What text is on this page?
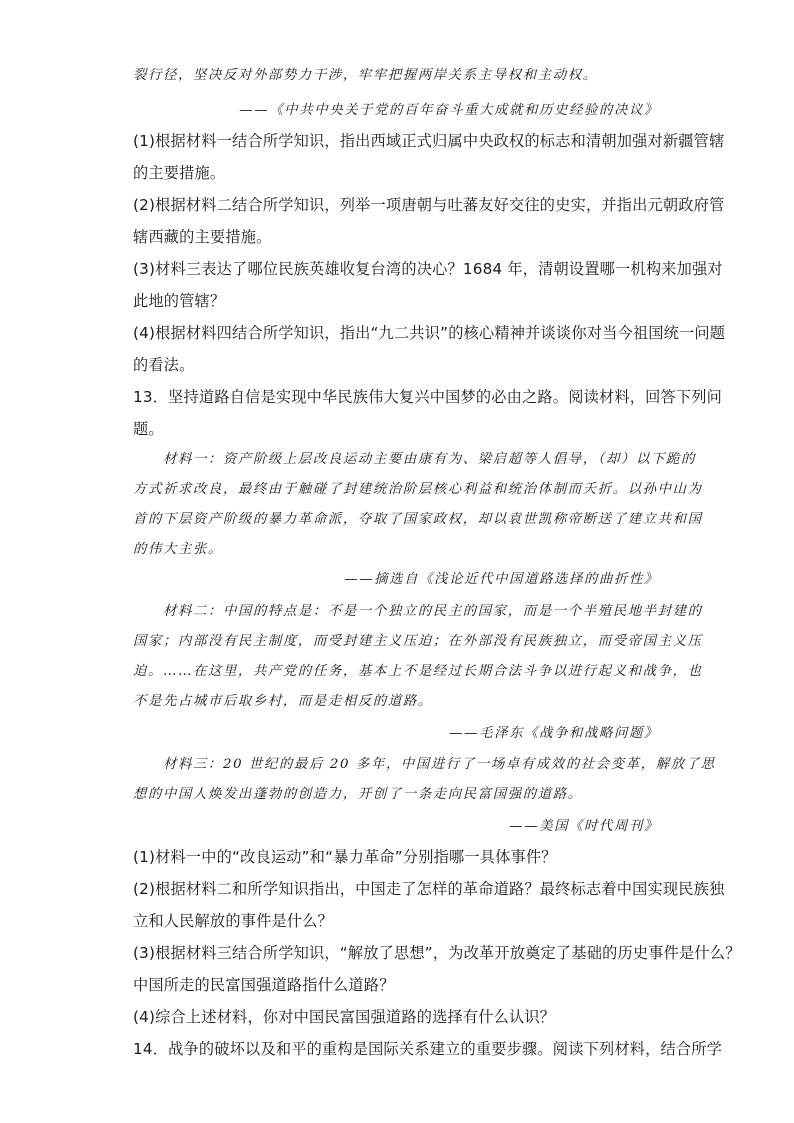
裂行径，坚决反对外部势力干涉，牢牢把握两岸关系主导权和主动权。
——《中共中央关于党的百年奋斗重大成就和历史经验的决议》
(1)根据材料一结合所学知识，指出西域正式归属中央政权的标志和清朝加强对新疆管辖
的主要措施。
(2)根据材料二结合所学知识，列举一项唐朝与吐蕃友好交往的史实，并指出元朝政府管
辖西藏的主要措施。
(3)材料三表达了哪位民族英雄收复台湾的决心？1684 年，清朝设置哪一机构来加强对
此地的管辖？
(4)根据材料四结合所学知识，指出“九二共识”的核心精神并谈谈你对当今祖国统一问题
的看法。
13．坚持道路自信是实现中华民族伟大复兴中国梦的必由之路。阅读材料，回答下列问
题。
材料一：资产阶级上层改良运动主要由康有为、梁启超等人倡导，（却）以下跪的
方式祈求改良，最终由于触碰了封建统治阶层核心利益和统治体制而夭折。以孙中山为
首的下层资产阶级的暴力革命派，夺取了国家政权，却以袁世凯称帝断送了建立共和国
的伟大主张。
——摘选自《浅论近代中国道路选择的曲折性》
材料二：中国的特点是：不是一个独立的民主的国家，而是一个半殖民地半封建的
国家；内部没有民主制度，而受封建主义压迫；在外部没有民族独立，而受帝国主义压
迫。……在这里，共产党的任务，基本上不是经过长期合法斗争以进行起义和战争，也
不是先占城市后取乡村，而是走相反的道路。
——毛泽东《战争和战略问题》
材料三：20 世纪的最后 20 多年，中国进行了一场卓有成效的社会变革，解放了思
想的中国人焕发出蓬勃的创造力，开创了一条走向民富国强的道路。
——美国《时代周刊》
(1)材料一中的“改良运动”和“暴力革命”分别指哪一具体事件？
(2)根据材料二和所学知识指出，中国走了怎样的革命道路？最终标志着中国实现民族独
立和人民解放的事件是什么？
(3)根据材料三结合所学知识，“解放了思想”，为改革开放奠定了基础的历史事件是什么？
中国所走的民富国强道路指什么道路？
(4)综合上述材料，你对中国民富国强道路的选择有什么认识？
14．战争的破坏以及和平的重构是国际关系建立的重要步骤。阅读下列材料，结合所学
